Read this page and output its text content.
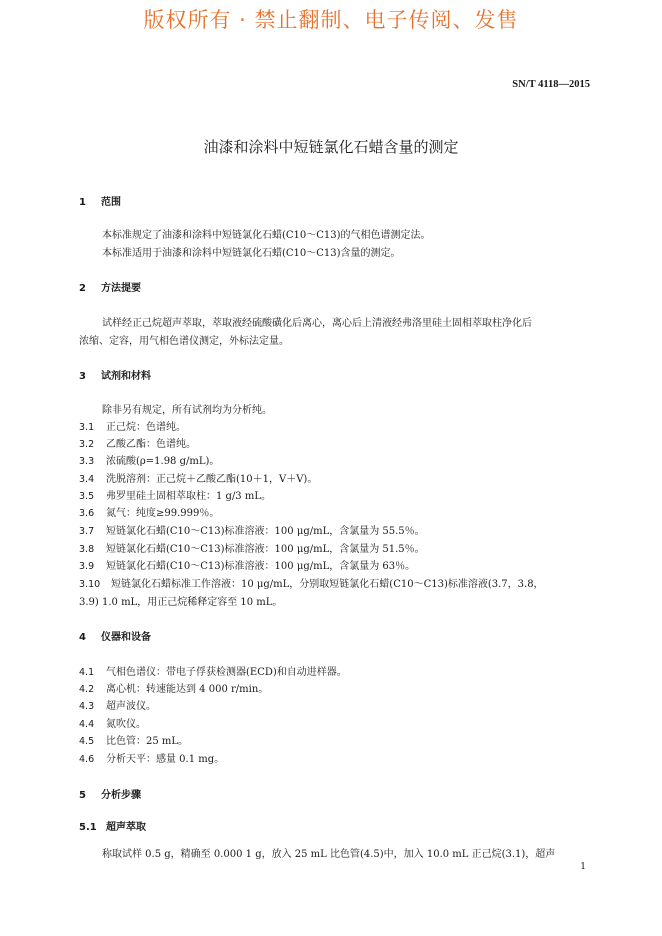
版权所有 · 禁止翻制、电子传阅、发售
SN/T 4118—2015
油漆和涂料中短链氯化石蜡含量的测定
1 范围
本标准规定了油漆和涂料中短链氯化石蜡(C10～C13)的气相色谱测定法。
本标准适用于油漆和涂料中短链氯化石蜡(C10～C13)含量的测定。
2 方法提要
试样经正己烷超声萃取，萃取液经硫酸磺化后离心，离心后上清液经弗洛里硅土固相萃取柱净化后
浓缩、定容，用气相色谱仪测定，外标法定量。
3 试剂和材料
除非另有规定，所有试剂均为分析纯。
3.1 正己烷：色谱纯。
3.2 乙酸乙酯：色谱纯。
3.3 浓硫酸(ρ=1.98 g/mL)。
3.4 洗脱溶剂：正己烷＋乙酸乙酯(10＋1，V＋V)。
3.5 弗罗里硅土固相萃取柱：1 g/3 mL。
3.6 氮气：纯度≥99.999％。
3.7 短链氯化石蜡(C10～C13)标准溶液：100 μg/mL，含氯量为 55.5％。
3.8 短链氯化石蜡(C10～C13)标准溶液：100 μg/mL，含氯量为 51.5％。
3.9 短链氯化石蜡(C10～C13)标准溶液：100 μg/mL，含氯量为 63％。
3.10 短链氯化石蜡标准工作溶液：10 μg/mL，分别取短链氯化石蜡(C10～C13)标准溶液(3.7，3.8，
3.9) 1.0 mL，用正己烷稀释定容至 10 mL。
4 仪器和设备
4.1 气相色谱仪：带电子俘获检测器(ECD)和自动进样器。
4.2 离心机：转速能达到 4 000 r/min。
4.3 超声波仪。
4.4 氮吹仪。
4.5 比色管：25 mL。
4.6 分析天平：感量 0.1 mg。
5 分析步骤
5.1 超声萃取
称取试样 0.5 g，精确至 0.000 1 g，放入 25 mL 比色管(4.5)中，加入 10.0 mL 正己烷(3.1)，超声
1
